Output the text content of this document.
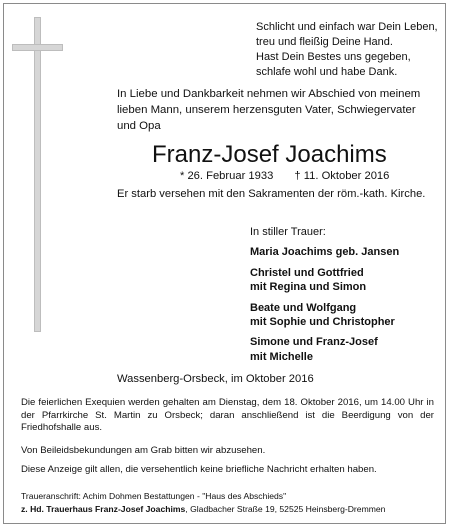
Schlicht und einfach war Dein Leben,
treu und fleißig Deine Hand.
Hast Dein Bestes uns gegeben,
schlafe wohl und habe Dank.
In Liebe und Dankbarkeit nehmen wir Abschied von meinem
lieben Mann, unserem herzensguten Vater, Schwiegervater
und Opa
Franz-Josef Joachims
* 26. Februar 1933 † 11. Oktober 2016
Er starb versehen mit den Sakramenten der röm.-kath. Kirche.
In stiller Trauer:
Maria Joachims geb. Jansen
Christel und Gottfried
mit Regina und Simon
Beate und Wolfgang
mit Sophie und Christopher
Simone und Franz-Josef
mit Michelle
Wassenberg-Orsbeck, im Oktober 2016
Die feierlichen Exequien werden gehalten am Dienstag, dem 18. Oktober 2016, um 14.00 Uhr in der Pfarrkirche St. Martin zu Orsbeck; daran anschließend ist die Beerdigung von der Friedhofshalle aus.
Von Beileidsbekundungen am Grab bitten wir abzusehen.
Diese Anzeige gilt allen, die versehentlich keine briefliche Nachricht erhalten haben.
Traueranschrift: Achim Dohmen Bestattungen - "Haus des Abschieds"
z. Hd. Trauerhaus Franz-Josef Joachims, Gladbacher Straße 19, 52525 Heinsberg-Dremmen
